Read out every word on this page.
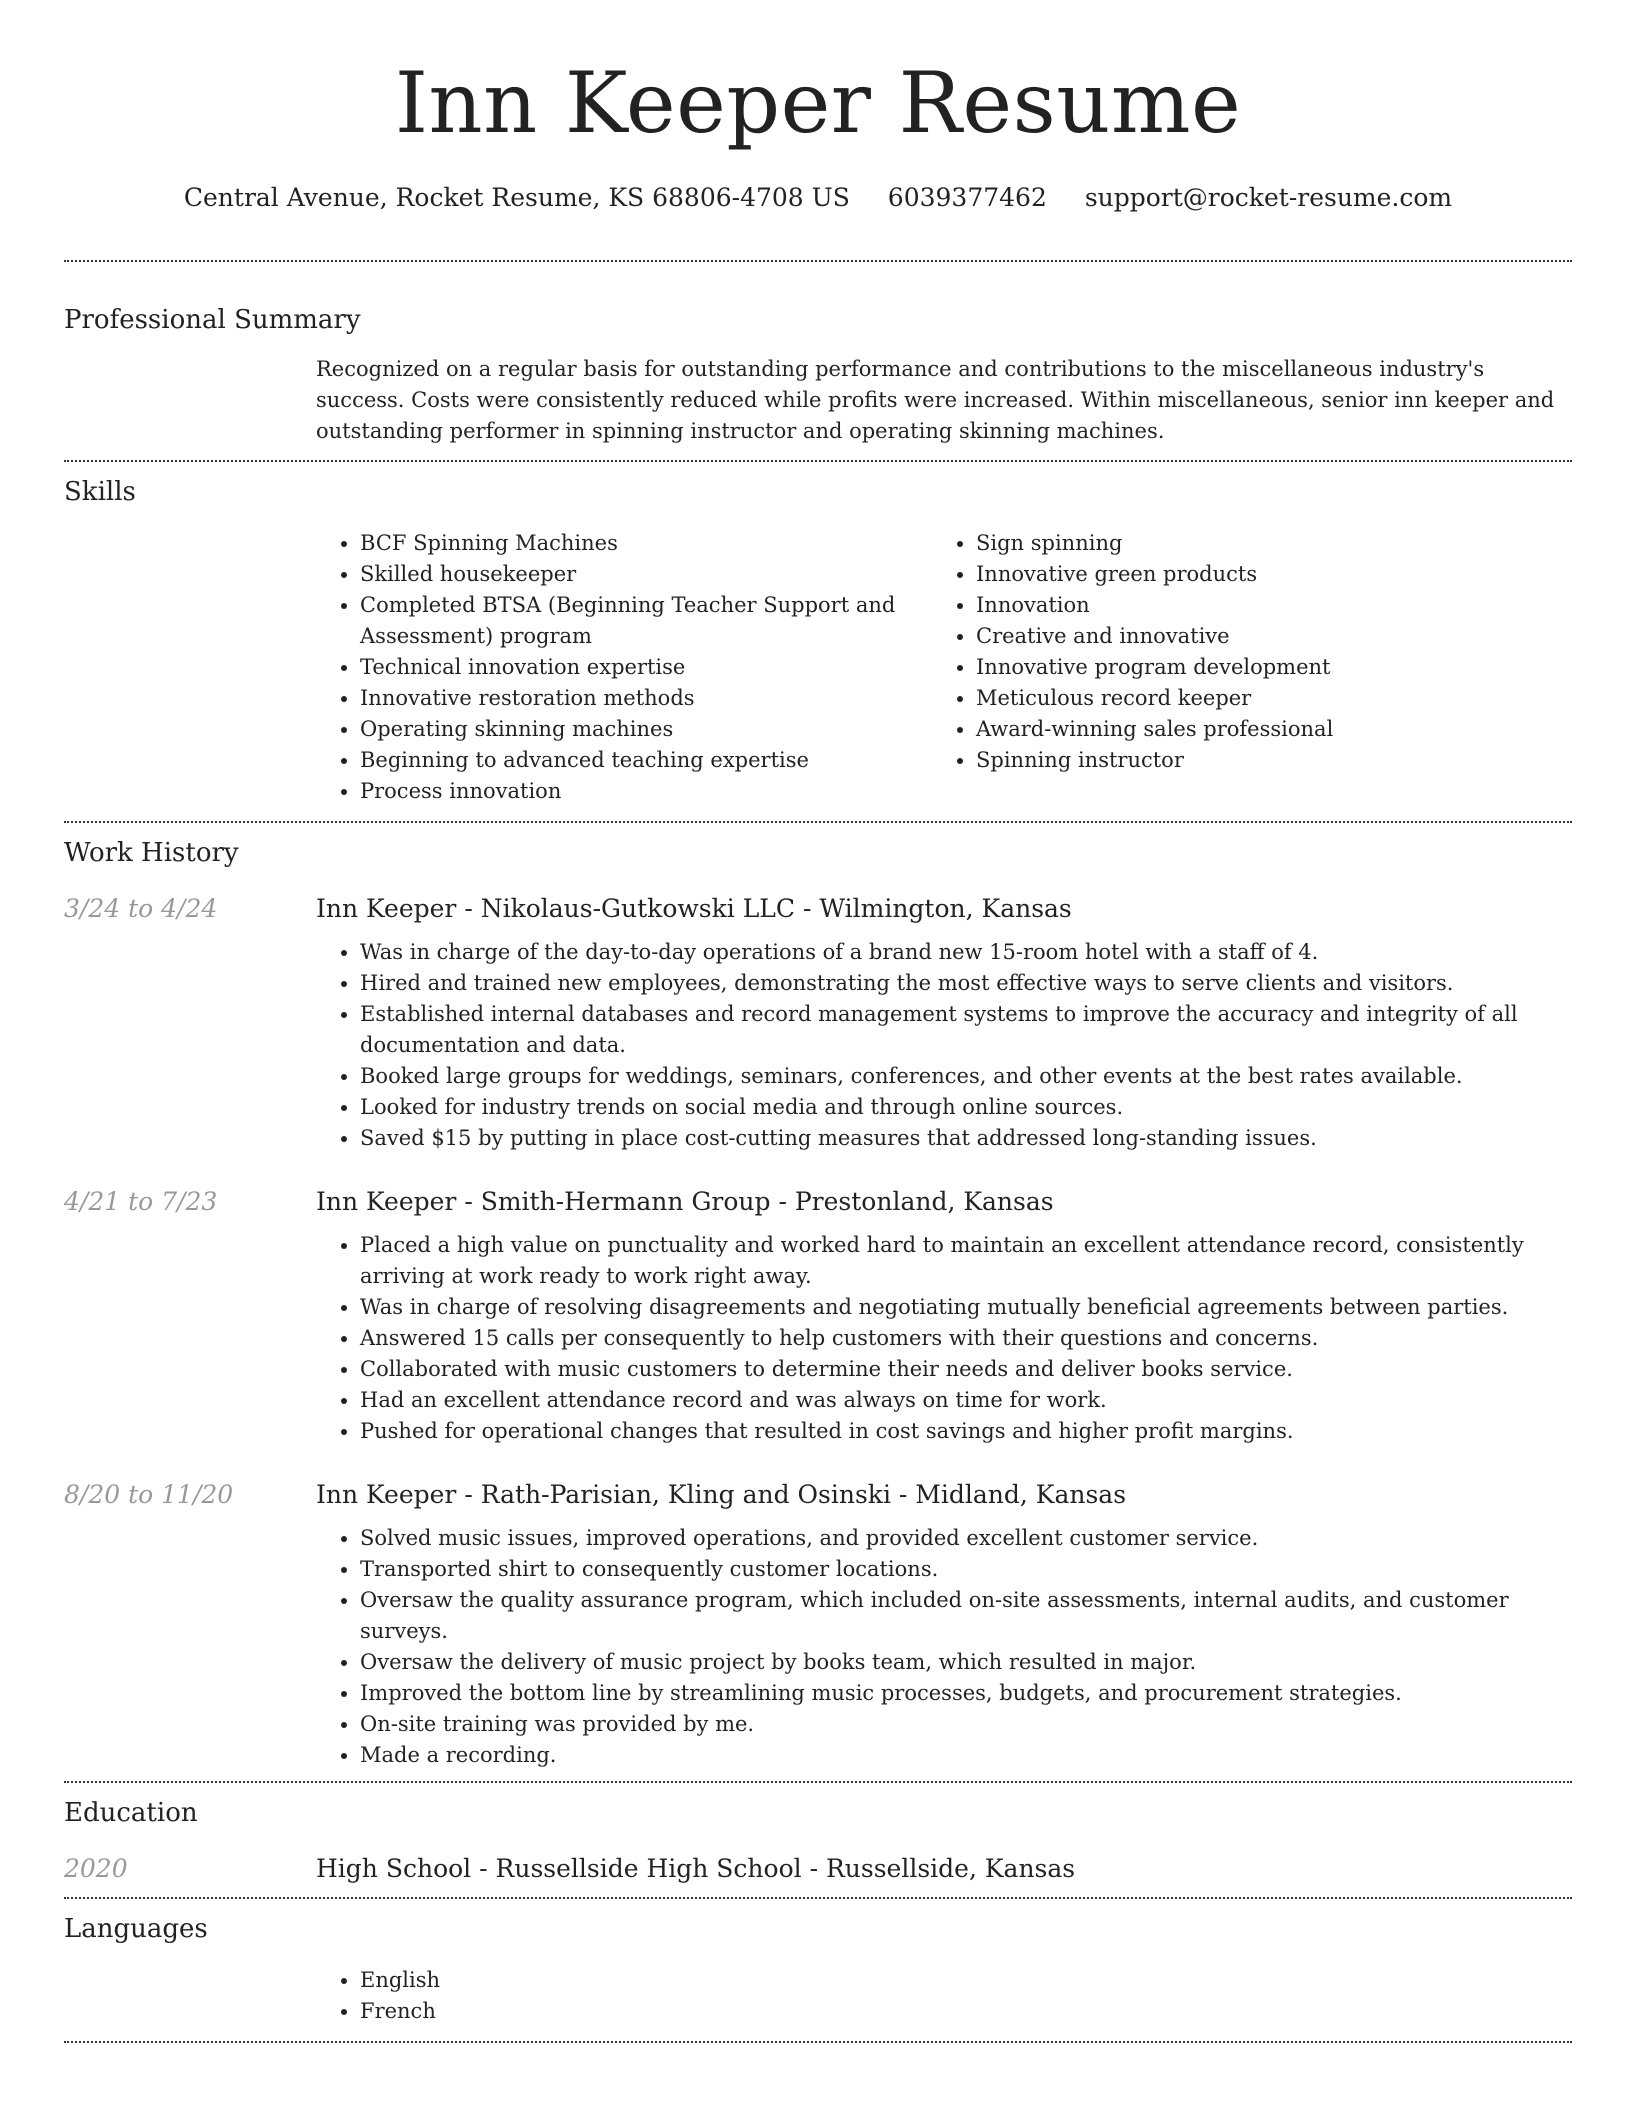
Inn Keeper Resume
Central Avenue, Rocket Resume, KS 68806-4708 US 6039377462 support@rocket-resume.com
Professional Summary
Recognized on a regular basis for outstanding performance and contributions to the miscellaneous industry's success. Costs were consistently reduced while profits were increased. Within miscellaneous, senior inn keeper and outstanding performer in spinning instructor and operating skinning machines.
Skills
• BCF Spinning Machines
• Skilled housekeeper
• Completed BTSA (Beginning Teacher Support and Assessment) program
• Technical innovation expertise
• Innovative restoration methods
• Operating skinning machines
• Beginning to advanced teaching expertise
• Process innovation
• Sign spinning
• Innovative green products
• Innovation
• Creative and innovative
• Innovative program development
• Meticulous record keeper
• Award-winning sales professional
• Spinning instructor
Work History
3/24 to 4/24	Inn Keeper - Nikolaus-Gutkowski LLC - Wilmington, Kansas
• Was in charge of the day-to-day operations of a brand new 15-room hotel with a staff of 4.
• Hired and trained new employees, demonstrating the most effective ways to serve clients and visitors.
• Established internal databases and record management systems to improve the accuracy and integrity of all documentation and data.
• Booked large groups for weddings, seminars, conferences, and other events at the best rates available.
• Looked for industry trends on social media and through online sources.
• Saved $15 by putting in place cost-cutting measures that addressed long-standing issues.
4/21 to 7/23	Inn Keeper - Smith-Hermann Group - Prestonland, Kansas
• Placed a high value on punctuality and worked hard to maintain an excellent attendance record, consistently arriving at work ready to work right away.
• Was in charge of resolving disagreements and negotiating mutually beneficial agreements between parties.
• Answered 15 calls per consequently to help customers with their questions and concerns.
• Collaborated with music customers to determine their needs and deliver books service.
• Had an excellent attendance record and was always on time for work.
• Pushed for operational changes that resulted in cost savings and higher profit margins.
8/20 to 11/20	Inn Keeper - Rath-Parisian, Kling and Osinski - Midland, Kansas
• Solved music issues, improved operations, and provided excellent customer service.
• Transported shirt to consequently customer locations.
• Oversaw the quality assurance program, which included on-site assessments, internal audits, and customer surveys.
• Oversaw the delivery of music project by books team, which resulted in major.
• Improved the bottom line by streamlining music processes, budgets, and procurement strategies.
• On-site training was provided by me.
• Made a recording.
Education
2020	High School - Russellside High School - Russellside, Kansas
Languages
• English
• French
